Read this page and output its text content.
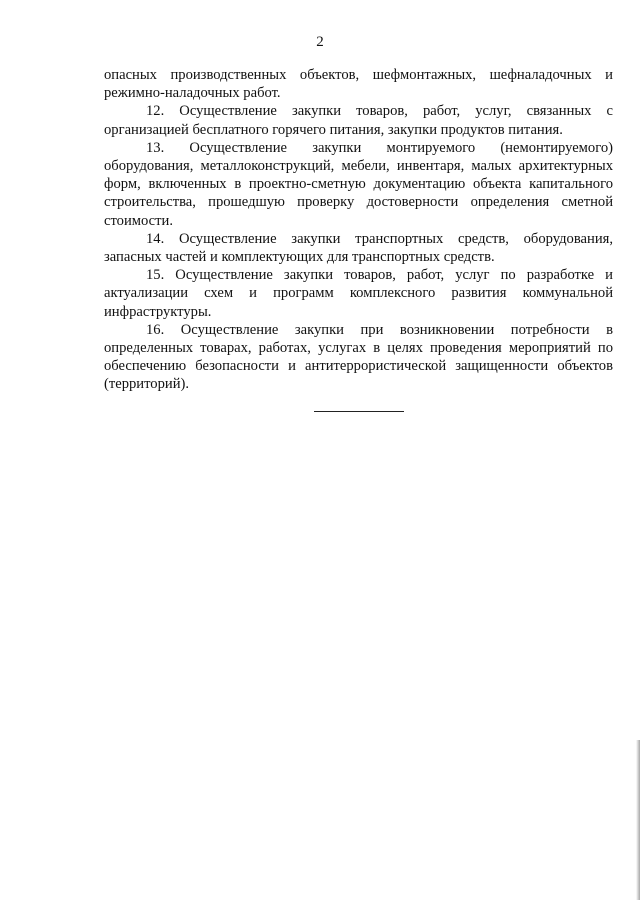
2

опасных производственных объектов, шефмонтажных, шефналадочных и режимно-наладочных работ.

12. Осуществление закупки товаров, работ, услуг, связанных с организацией бесплатного горячего питания, закупки продуктов питания.

13. Осуществление закупки монтируемого (немонтируемого) оборудования, металлоконструкций, мебели, инвентаря, малых архитектурных форм, включенных в проектно-сметную документацию объекта капитального строительства, прошедшую проверку достоверности определения сметной стоимости.

14. Осуществление закупки транспортных средств, оборудования, запасных частей и комплектующих для транспортных средств.

15. Осуществление закупки товаров, работ, услуг по разработке и актуализации схем и программ комплексного развития коммунальной инфраструктуры.

16. Осуществление закупки при возникновении потребности в определенных товарах, работах, услугах в целях проведения мероприятий по обеспечению безопасности и антитеррористической защищенности объектов (территорий).
